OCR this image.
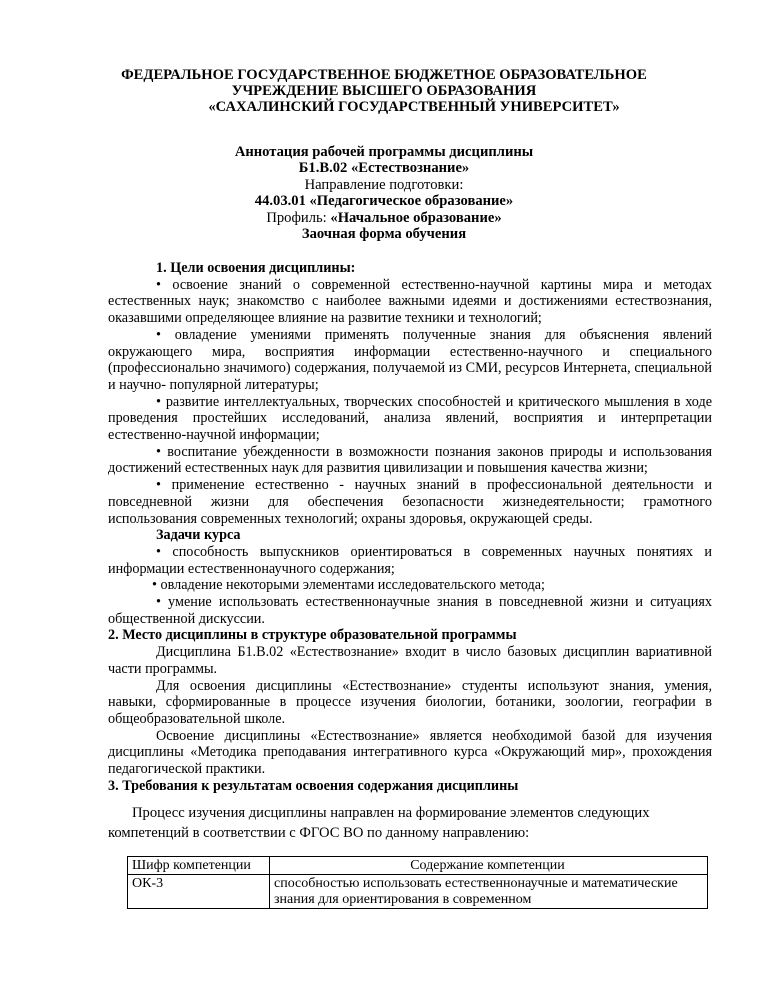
ФЕДЕРАЛЬНОЕ ГОСУДАРСТВЕННОЕ БЮДЖЕТНОЕ ОБРАЗОВАТЕЛЬНОЕ
УЧРЕЖДЕНИЕ ВЫСШЕГО ОБРАЗОВАНИЯ
«САХАЛИНСКИЙ ГОСУДАРСТВЕННЫЙ УНИВЕРСИТЕТ»
Аннотация рабочей программы дисциплины
Б1.В.02 «Естествознание»
Направление подготовки:
44.03.01 «Педагогическое образование»
Профиль: «Начальное образование»
Заочная форма обучения

1. Цели освоения дисциплины:

• освоение знаний о современной естественно-научной картины мира и методах естественных наук; знакомство с наиболее важными идеями и достижениями естествознания, оказавшими определяющее влияние на развитие техники и технологий;

• овладение умениями применять полученные знания для объяснения явлений окружающего мира, восприятия информации естественно-научного и специального (профессионально значимого) содержания, получаемой из СМИ, ресурсов Интернета, специальной и научно- популярной литературы;

• развитие интеллектуальных, творческих способностей и критического мышления в ходе проведения простейших исследований, анализа явлений, восприятия и интерпретации естественно-научной информации;

• воспитание убежденности в возможности познания законов природы и использования достижений естественных наук для развития цивилизации и повышения качества жизни;

• применение естественно - научных знаний в профессиональной деятельности и повседневной жизни для обеспечения безопасности жизнедеятельности; грамотного использования современных технологий; охраны здоровья, окружающей среды.

Задачи курса

• способность выпускников ориентироваться в современных научных понятиях и информации естественнонаучного содержания;

• овладение некоторыми элементами исследовательского метода;

• умение использовать естественнонаучные знания в повседневной жизни и ситуациях общественной дискуссии.

2. Место дисциплины в структуре образовательной программы

Дисциплина Б1.В.02 «Естествознание» входит в число базовых дисциплин вариативной части программы.

Для освоения дисциплины «Естествознание» студенты используют знания, умения, навыки, сформированные в процессе изучения биологии, ботаники, зоологии, географии в общеобразовательной школе.

Освоение дисциплины «Естествознание» является необходимой базой для изучения дисциплины «Методика преподавания интегративного курса «Окружающий мир», прохождения педагогической практики.

3. Требования к результатам освоения содержания дисциплины

Процесс изучения дисциплины направлен на формирование элементов следующих компетенций в соответствии с ФГОС ВО по данному направлению:
Шифр компетенции	Содержание компетенции
ОК-3	способностью использовать естественнонаучные и математические знания для ориентирования в современном
